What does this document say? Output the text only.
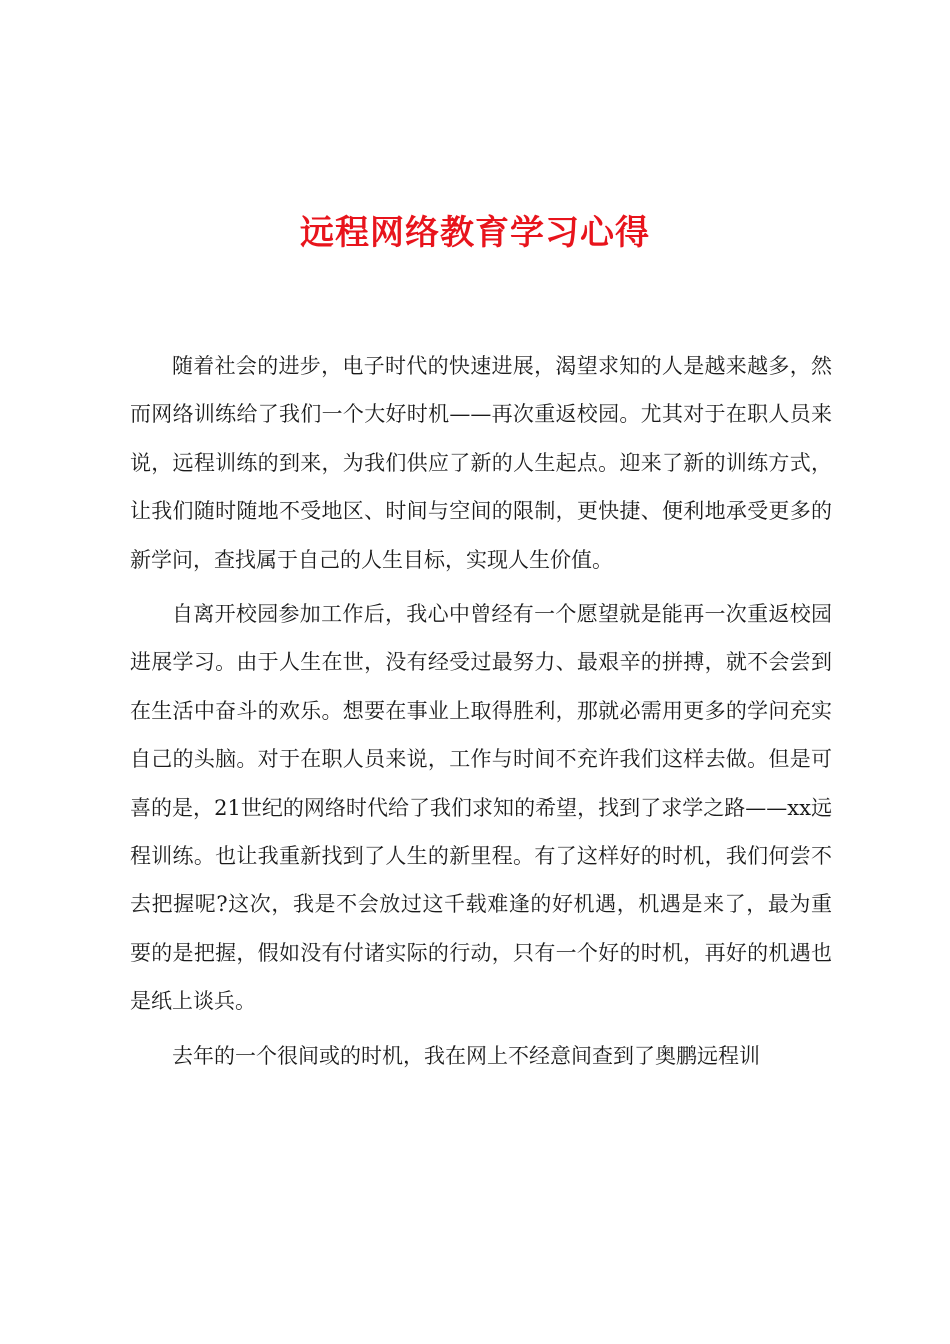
远程网络教育学习心得

随着社会的进步，电子时代的快速进展，渴望求知的人是越来越多，然而网络训练给了我们一个大好时机——再次重返校园。尤其对于在职人员来说，远程训练的到来，为我们供应了新的人生起点。迎来了新的训练方式，让我们随时随地不受地区、时间与空间的限制，更快捷、便利地承受更多的新学问，查找属于自己的人生目标，实现人生价值。

自离开校园参加工作后，我心中曾经有一个愿望就是能再一次重返校园进展学习。由于人生在世，没有经受过最努力、最艰辛的拼搏，就不会尝到在生活中奋斗的欢乐。想要在事业上取得胜利，那就必需用更多的学问充实自己的头脑。对于在职人员来说，工作与时间不充许我们这样去做。但是可喜的是，21世纪的网络时代给了我们求知的希望，找到了求学之路——xx远程训练。也让我重新找到了人生的新里程。有了这样好的时机，我们何尝不去把握呢?这次，我是不会放过这千载难逢的好机遇，机遇是来了，最为重要的是把握，假如没有付诸实际的行动，只有一个好的时机，再好的机遇也是纸上谈兵。

去年的一个很间或的时机，我在网上不经意间查到了奥鹏远程训
